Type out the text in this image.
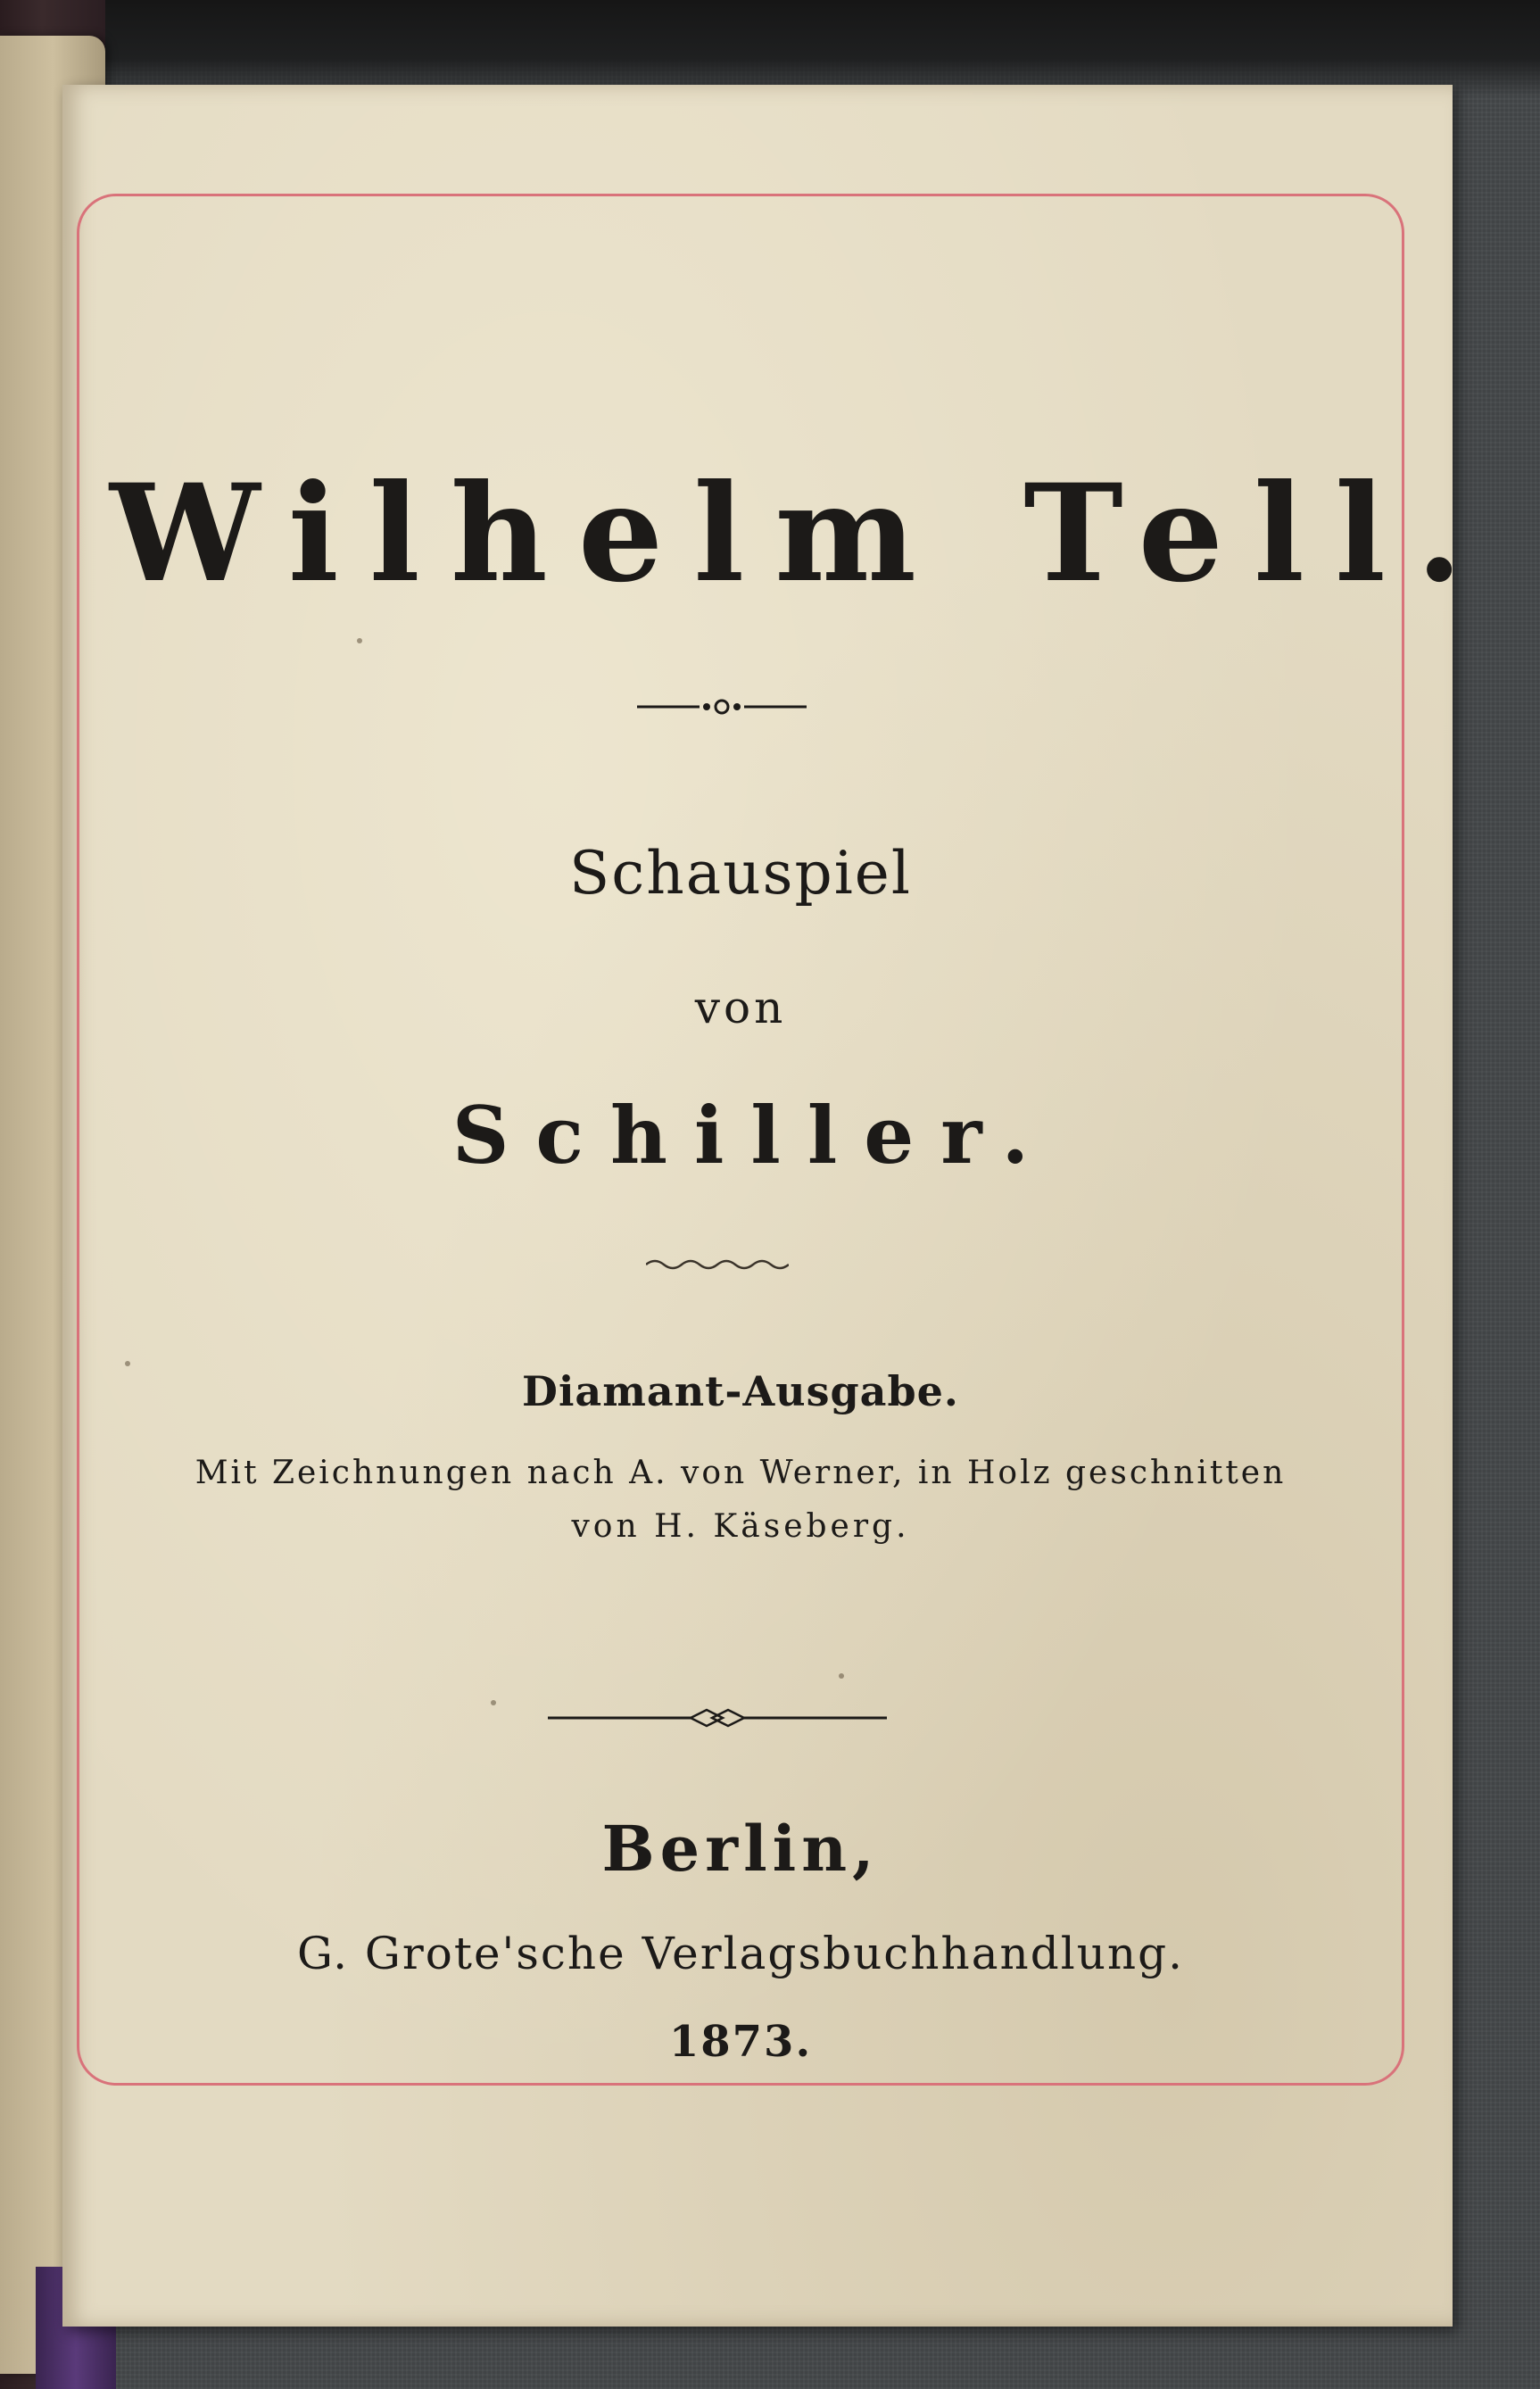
Wilhelm Tell.
Schauspiel
von
Schiller.
Diamant-Ausgabe.
Mit Zeichnungen nach A. von Werner, in Holz geschnitten
von H. Käseberg.
Berlin,
G. Grote'sche Verlagsbuchhandlung.
1873.
